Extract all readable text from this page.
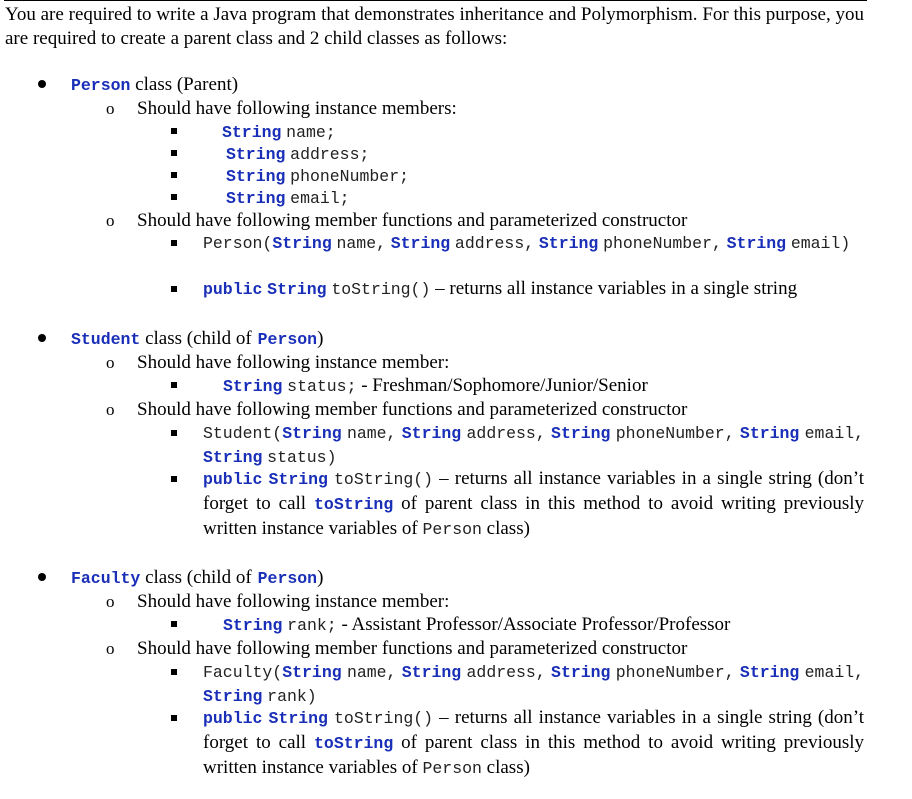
You are required to write a Java program that demonstrates inheritance and Polymorphism. For this purpose, you are required to create a parent class and 2 child classes as follows:
Person class (Parent)
o Should have following instance members:
String name;
String address;
String phoneNumber;
String email;
o Should have following member functions and parameterized constructor
Person(String name, String address, String phoneNumber, String email)
public String toString() – returns all instance variables in a single string
Student class (child of Person)
o Should have following instance member:
String status; - Freshman/Sophomore/Junior/Senior
o Should have following member functions and parameterized constructor
Student(String name, String address, String phoneNumber, String email, String status)
public String toString() – returns all instance variables in a single string (don’t forget to call toString of parent class in this method to avoid writing previously written instance variables of Person class)
Faculty class (child of Person)
o Should have following instance member:
String rank; - Assistant Professor/Associate Professor/Professor
o Should have following member functions and parameterized constructor
Faculty(String name, String address, String phoneNumber, String email, String rank)
public String toString() – returns all instance variables in a single string (don’t forget to call toString of parent class in this method to avoid writing previously written instance variables of Person class)
